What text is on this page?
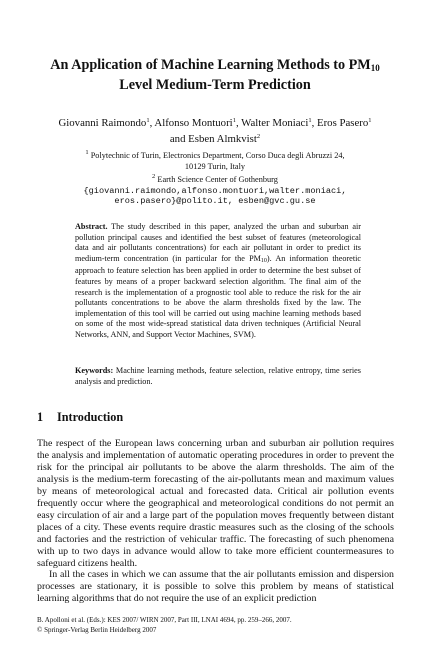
An Application of Machine Learning Methods to $PM_{10}$
Level Medium-Term Prediction
Giovanni Raimondo$^1$, Alfonso Montuori$^1$, Walter Moniaci$^1$, Eros Pasero$^1$
and Esben Almkvist$^2$
$^1$ Polytechnic of Turin, Electronics Department, Corso Duca degli Abruzzi 24,
10129 Turin, Italy
$^2$ Earth Science Center of Gothenburg
{giovanni.raimondo,alfonso.montuori,walter.moniaci,
eros.pasero}@polito.it, esben@gvc.gu.se
Abstract. The study described in this paper, analyzed the urban and suburban air pollution principal causes and identified the best subset of features (meteorological data and air pollutants concentrations) for each air pollutant in order to predict its medium-term concentration (in particular for the $PM_{10}$). An information theoretic approach to feature selection has been applied in order to determine the best subset of features by means of a proper backward selection algorithm. The final aim of the research is the implementation of a prognostic tool able to reduce the risk for the air pollutants concentrations to be above the alarm thresholds fixed by the law. The implementation of this tool will be carried out using machine learning methods based on some of the most wide-spread statistical data driven techniques (Artificial Neural Networks, ANN, and Support Vector Machines, SVM).
Keywords: Machine learning methods, feature selection, relative entropy, time series analysis and prediction.
1 Introduction

The respect of the European laws concerning urban and suburban air pollution requires the analysis and implementation of automatic operating procedures in order to prevent the risk for the principal air pollutants to be above the alarm thresholds. The aim of the analysis is the medium-term forecasting of the air-pollutants mean and maximum values by means of meteorological actual and forecasted data. Critical air pollution events frequently occur where the geographical and meteorological conditions do not permit an easy circulation of air and a large part of the population moves frequently between distant places of a city. These events require drastic measures such as the closing of the schools and factories and the restriction of vehicular traffic. The forecasting of such phenomena with up to two days in advance would allow to take more efficient countermeasures to safeguard citizens health.

In all the cases in which we can assume that the air pollutants emission and dispersion processes are stationary, it is possible to solve this problem by means of statistical learning algorithms that do not require the use of an explicit prediction

B. Apolloni et al. (Eds.): KES 2007/ WIRN 2007, Part III, LNAI 4694, pp. 259–266, 2007.
© Springer-Verlag Berlin Heidelberg 2007
